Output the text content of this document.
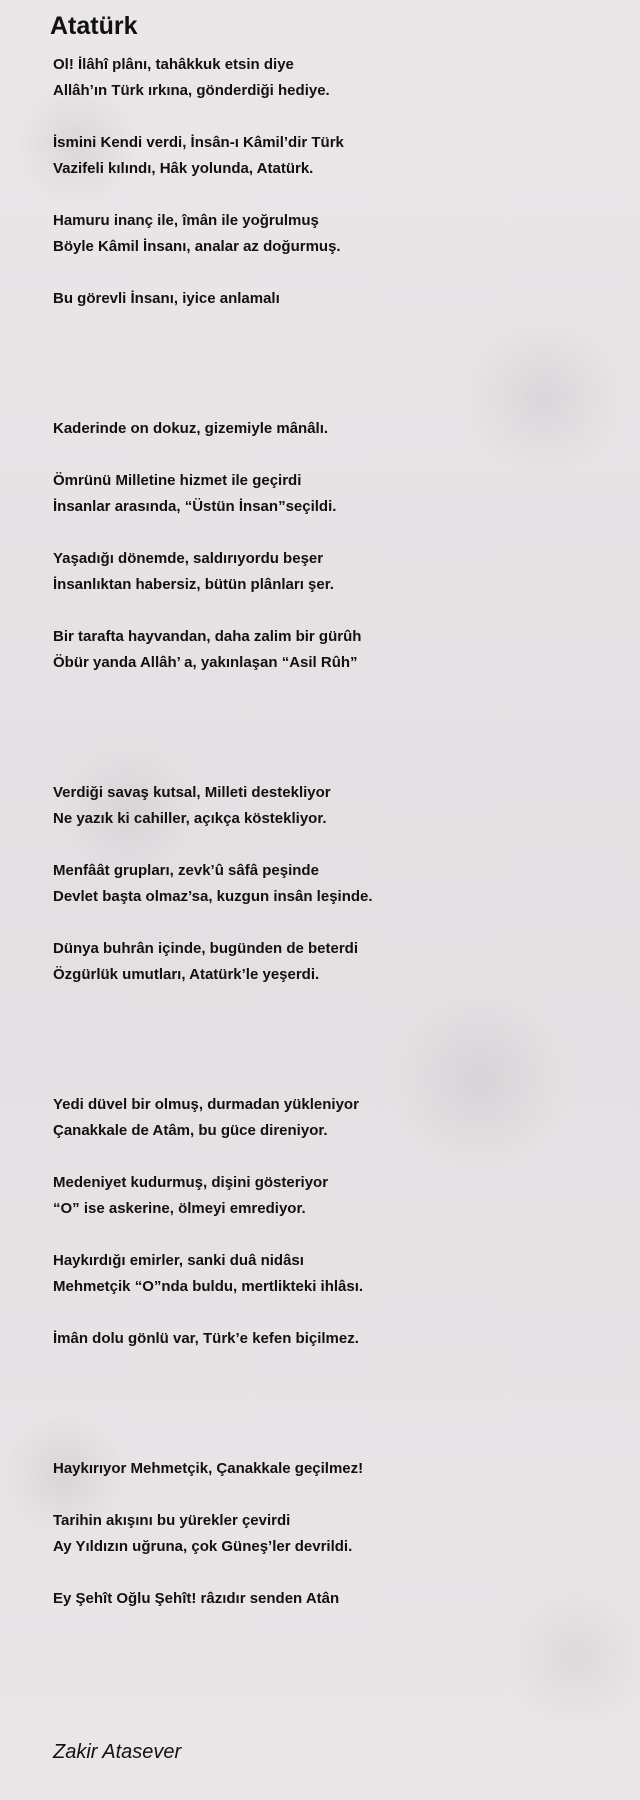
Atatürk
Ol! İlâhî plânı, tahâkkuk etsin diye
Allâh’ın Türk ırkına, gönderdiği hediye.
İsmini Kendi verdi, İnsân-ı Kâmil’dir Türk
Vazifeli kılındı, Hâk yolunda, Atatürk.
Hamuru inanç ile, îmân ile yoğrulmuş
Böyle Kâmil İnsanı, analar az doğurmuş.
Bu görevli İnsanı, iyice anlamalı
Kaderinde on dokuz, gizemiyle mânâlı.
Ömrünü Milletine hizmet ile geçirdi
İnsanlar arasında, “Üstün İnsan”seçildi.
Yaşadığı dönemde, saldırıyordu beşer
İnsanlıktan habersiz, bütün plânları şer.
Bir tarafta hayvandan, daha zalim bir gürûh
Öbür yanda Allâh’ a, yakınlaşan “Asil Rûh”
Verdiği savaş kutsal, Milleti destekliyor
Ne yazık ki cahiller, açıkça köstekliyor.
Menfâât grupları, zevk’û sâfâ peşinde
Devlet başta olmaz’sa, kuzgun insân leşinde.
Dünya buhrân içinde, bugünden de beterdi
Özgürlük umutları, Atatürk’le yeşerdi.
Yedi düvel bir olmuş, durmadan yükleniyor
Çanakkale de Atâm, bu güce direniyor.
Medeniyet kudurmuş, dişini gösteriyor
“O” ise askerine, ölmeyi emrediyor.
Haykırdığı emirler, sanki duâ nidâsı
Mehmetçik “O”nda buldu, mertlikteki ihlâsı.
İmân dolu gönlü var, Türk’e kefen biçilmez.
Haykırıyor Mehmetçik, Çanakkale geçilmez!
Tarihin akışını bu yürekler çevirdi
Ay Yıldızın uğruna, çok Güneş’ler devrildi.
Ey Şehît Oğlu Şehît! râzıdır senden Atân

Zakir Atasever
